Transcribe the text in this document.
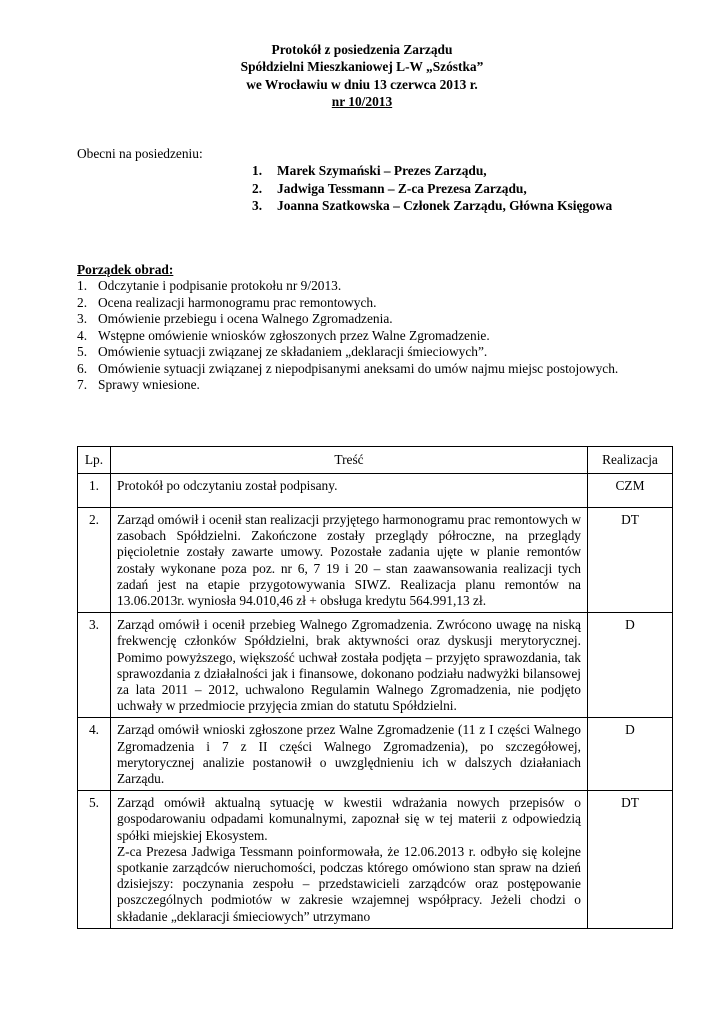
Protokół z posiedzenia Zarządu
Spółdzielni Mieszkaniowej L-W „Szóstka”
we Wrocławiu w dniu 13 czerwca 2013 r.
nr 10/2013
Obecni na posiedzeniu:
1. Marek Szymański – Prezes Zarządu,
2. Jadwiga Tessmann – Z-ca Prezesa Zarządu,
3. Joanna Szatkowska – Członek Zarządu, Główna Księgowa
Porządek obrad:
1. Odczytanie i podpisanie protokołu nr 9/2013.
2. Ocena realizacji harmonogramu prac remontowych.
3. Omówienie przebiegu i ocena Walnego Zgromadzenia.
4. Wstępne omówienie wniosków zgłoszonych przez Walne Zgromadzenie.
5. Omówienie sytuacji związanej ze składaniem „deklaracji śmieciowych”.
6. Omówienie sytuacji związanej z niepodpisanymi aneksami do umów najmu miejsc postojowych.
7. Sprawy wniesione.
Lp.	Treść	Realizacja
1.	Protokół po odczytaniu został podpisany.	CZM
2.	Zarząd omówił i ocenił stan realizacji przyjętego harmonogramu prac remontowych w zasobach Spółdzielni. Zakończone zostały przeglądy półroczne, na przeglądy pięcioletnie zostały zawarte umowy. Pozostałe zadania ujęte w planie remontów zostały wykonane poza poz. nr 6, 7 19 i 20 – stan zaawansowania realizacji tych zadań jest na etapie przygotowywania SIWZ. Realizacja planu remontów na 13.06.2013r. wyniosła 94.010,46 zł + obsługa kredytu 564.991,13 zł.	DT
3.	Zarząd omówił i ocenił przebieg Walnego Zgromadzenia. Zwrócono uwagę na niską frekwencję członków Spółdzielni, brak aktywności oraz dyskusji merytorycznej. Pomimo powyższego, większość uchwał została podjęta – przyjęto sprawozdania, tak sprawozdania z działalności jak i finansowe, dokonano podziału nadwyżki bilansowej za lata 2011 – 2012, uchwalono Regulamin Walnego Zgromadzenia, nie podjęto uchwały w przedmiocie przyjęcia zmian do statutu Spółdzielni.	D
4.	Zarząd omówił wnioski zgłoszone przez Walne Zgromadzenie (11 z I części Walnego Zgromadzenia i 7 z II części Walnego Zgromadzenia), po szczegółowej, merytorycznej analizie postanowił o uwzględnieniu ich w dalszych działaniach Zarządu.	D
5.	Zarząd omówił aktualną sytuację w kwestii wdrażania nowych przepisów o gospodarowaniu odpadami komunalnymi, zapoznał się w tej materii z odpowiedzią spółki miejskiej Ekosystem.

Z-ca Prezesa Jadwiga Tessmann poinformowała, że 12.06.2013 r. odbyło się kolejne spotkanie zarządców nieruchomości, podczas którego omówiono stan spraw na dzień dzisiejszy: poczynania zespołu – przedstawicieli zarządców oraz postępowanie poszczególnych podmiotów w zakresie wzajemnej współpracy. Jeżeli chodzi o składanie „deklaracji śmieciowych” utrzymano	DT
